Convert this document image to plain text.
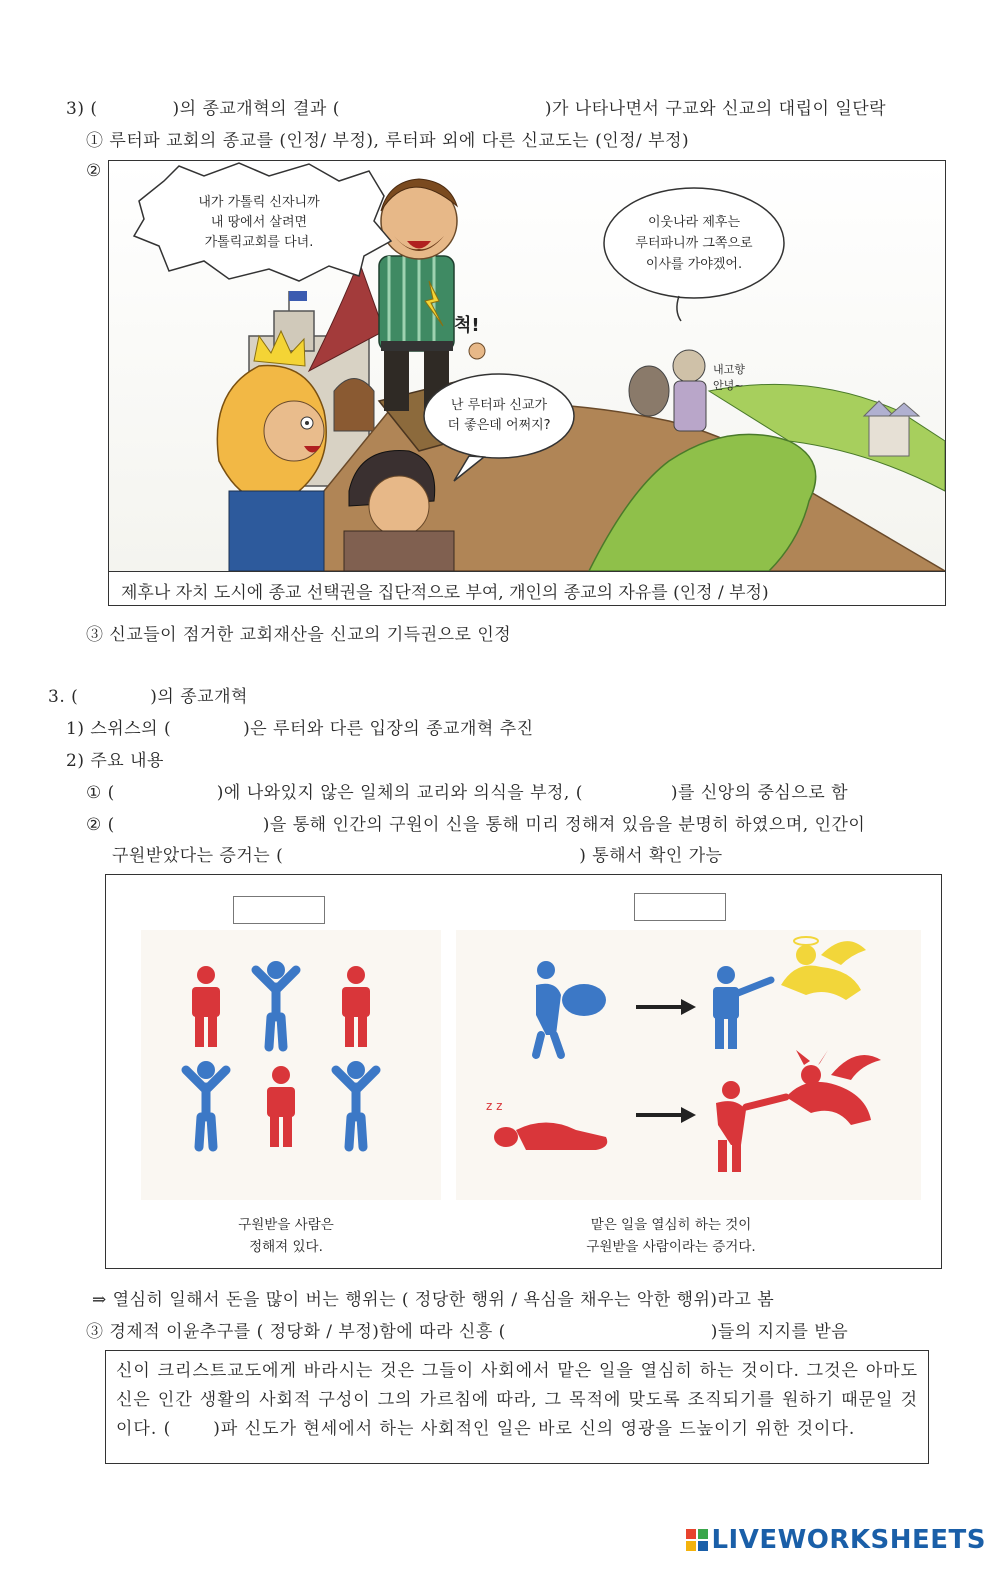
3) (	)의 종교개혁의 결과 (	)가 나타나면서 구교와 신교의 대립이 일단락
① 루터파 교회의 종교를 (인정/ 부정), 루터파 외에 다른 신교도는 (인정/ 부정)
②
척!
내고향
안녕~
내가 가톨릭 신자니까
내 땅에서 살려면
가톨릭교회를 다녀.
이웃나라 제후는
루터파니까 그쪽으로
이사를 가야겠어.
난 루터파 신교가
더 좋은데 어쩌지?
제후나 자치 도시에 종교 선택권을 집단적으로 부여, 개인의 종교의 자유를 (인정 / 부정)
③ 신교들이 점거한 교회재산을 신교의 기득권으로 인정
3. (	)의 종교개혁
1) 스위스의 (	)은 루터와 다른 입장의 종교개혁 추진
2) 주요 내용
① (	)에 나와있지 않은 일체의 교리와 의식을 부정, (	)를 신앙의 중심으로 함
② (	)을 통해 인간의 구원이 신을 통해 미리 정해져 있음을 분명히 하였으며, 인간이
구원받았다는 증거는 (	) 통해서 확인 가능
z z
구원받을 사람은
정해져 있다.
맡은 일을 열심히 하는 것이
구원받을 사람이라는 증거다.
⇒ 열심히 일해서 돈을 많이 버는 행위는 ( 정당한 행위 / 욕심을 채우는 악한 행위)라고 봄
③ 경제적 이윤추구를 ( 정당화 / 부정)함에 따라 신흥 (	)들의 지지를 받음

신이 크리스트교도에게 바라시는 것은 그들이 사회에서 맡은 일을 열심히 하는 것이다. 그것은 아마도 신은 인간 생활의 사회적 구성이 그의 가르침에 따라, 그 목적에 맞도록 조직되기를 원하기 때문일 것이다. ( )파 신도가 현세에서 하는 사회적인 일은 바로 신의 영광을 드높이기 위한 것이다.

LIVEWORKSHEETS
